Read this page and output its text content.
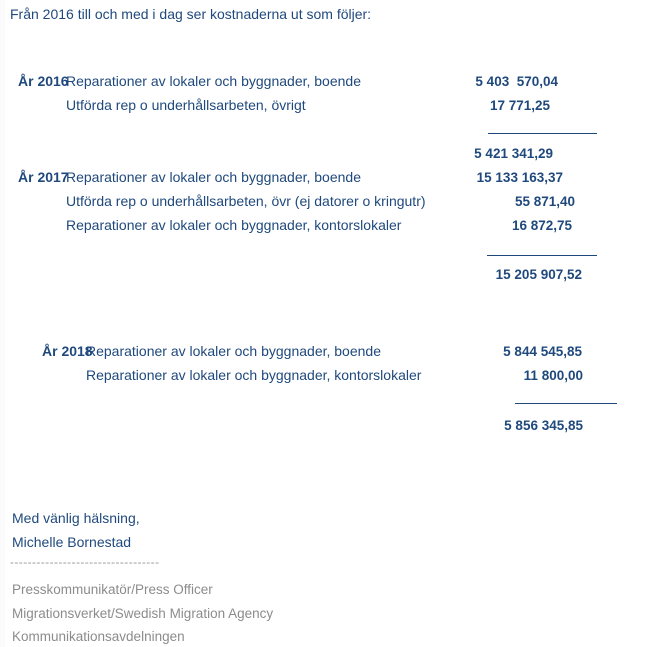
Från 2016 till och med i dag ser kostnaderna ut som följer:
År 2016
Reparationer av lokaler och byggnader, boende	5 403  570,04
Utförda rep o underhållsarbeten, övrigt	17 771,25
5 421 341,29
År 2017
Reparationer av lokaler och byggnader, boende	15 133 163,37
Utförda rep o underhållsarbeten, övr (ej datorer o kringutr)	55 871,40
Reparationer av lokaler och byggnader, kontorslokaler	16 872,75
15 205 907,52
År 2018
Reparationer av lokaler och byggnader, boende	5 844 545,85
Reparationer av lokaler och byggnader, kontorslokaler	11 800,00
5 856 345,85
Med vänlig hälsning,
Michelle Bornestad
----------------------------------
Presskommunikatör/Press Officer
Migrationsverket/Swedish Migration Agency
Kommunikationsavdelningen
